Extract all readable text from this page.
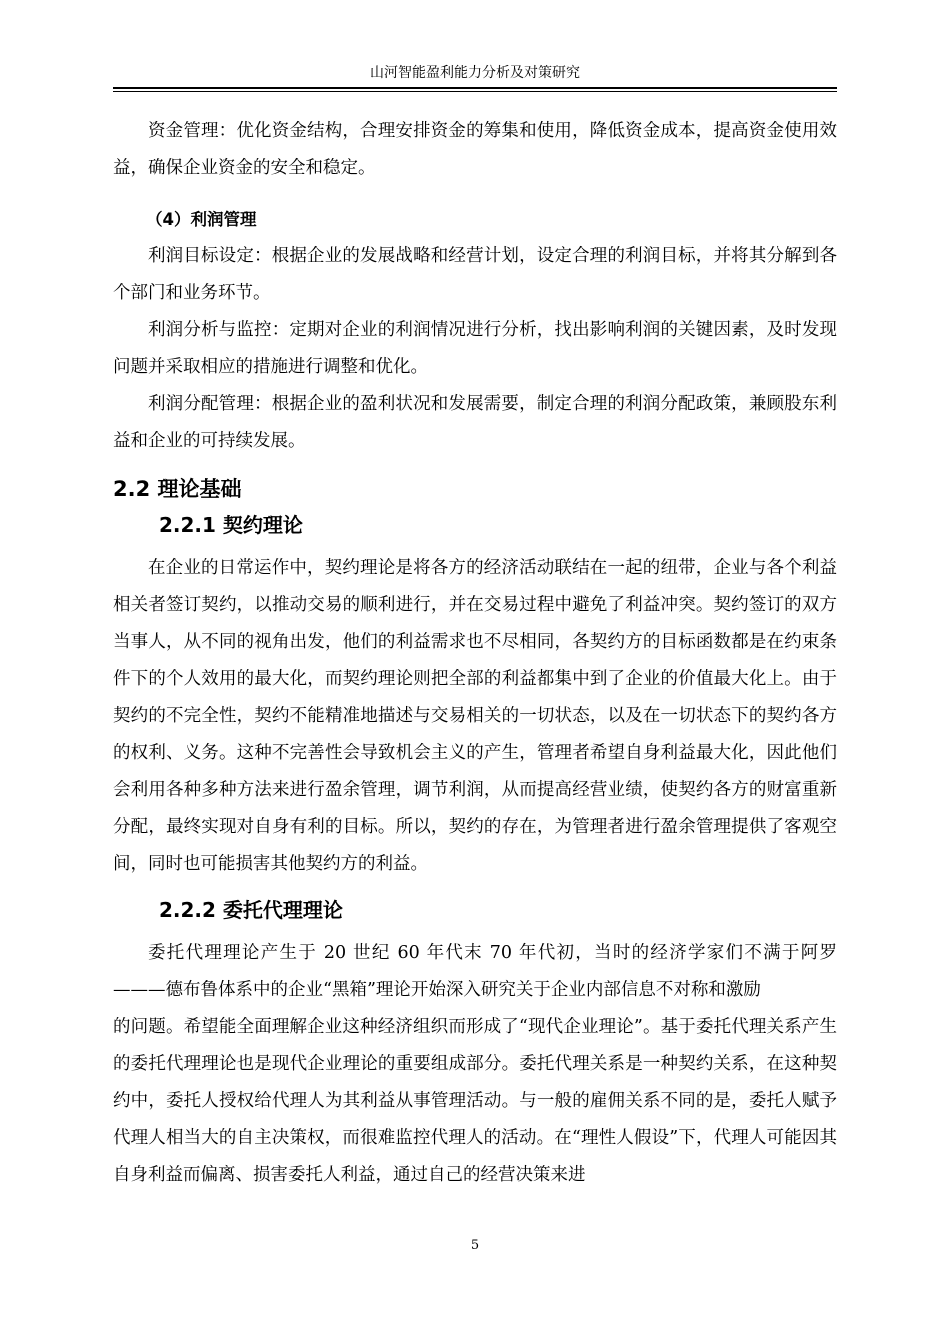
山河智能盈利能力分析及对策研究

资金管理：优化资金结构，合理安排资金的筹集和使用，降低资金成本，提高资金使用效益，确保企业资金的安全和稳定。

（4）利润管理

利润目标设定：根据企业的发展战略和经营计划，设定合理的利润目标，并将其分解到各个部门和业务环节。

利润分析与监控：定期对企业的利润情况进行分析，找出影响利润的关键因素，及时发现问题并采取相应的措施进行调整和优化。

利润分配管理：根据企业的盈利状况和发展需要，制定合理的利润分配政策，兼顾股东利益和企业的可持续发展。

2.2 理论基础
2.2.1 契约理论

在企业的日常运作中，契约理论是将各方的经济活动联结在一起的纽带，企业与各个利益相关者签订契约，以推动交易的顺利进行，并在交易过程中避免了利益冲突。契约签订的双方当事人，从不同的视角出发，他们的利益需求也不尽相同，各契约方的目标函数都是在约束条件下的个人效用的最大化，而契约理论则把全部的利益都集中到了企业的价值最大化上。由于契约的不完全性，契约不能精准地描述与交易相关的一切状态，以及在一切状态下的契约各方的权利、义务。这种不完善性会导致机会主义的产生，管理者希望自身利益最大化，因此他们会利用各种多种方法来进行盈余管理，调节利润，从而提高经营业绩，使契约各方的财富重新分配，最终实现对自身有利的目标。所以，契约的存在，为管理者进行盈余管理提供了客观空间，同时也可能损害其他契约方的利益。

2.2.2 委托代理理论

委托代理理论产生于 20 世纪 60 年代末 70 年代初，当时的经济学家们不满于阿罗———德布鲁体系中的企业“黑箱”理论开始深入研究关于企业内部信息不对称和激励

的问题。希望能全面理解企业这种经济组织而形成了“现代企业理论”。基于委托代理关系产生的委托代理理论也是现代企业理论的重要组成部分。委托代理关系是一种契约关系，在这种契约中，委托人授权给代理人为其利益从事管理活动。与一般的雇佣关系不同的是，委托人赋予代理人相当大的自主决策权，而很难监控代理人的活动。在“理性人假设”下，代理人可能因其自身利益而偏离、损害委托人利益，通过自己的经营决策来进

5
